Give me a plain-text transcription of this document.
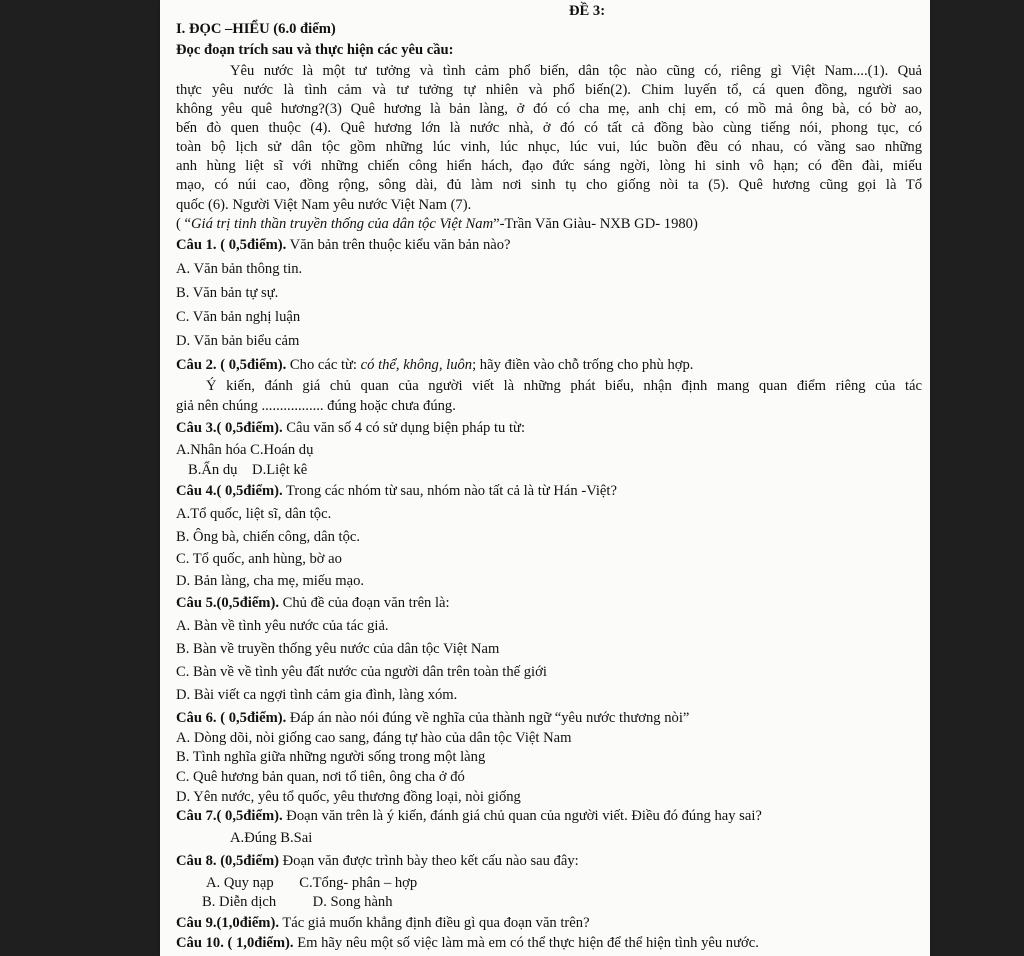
ĐỀ 3:
I. ĐỌC –HIỂU (6.0 điểm)
Đọc đoạn trích sau và thực hiện các yêu cầu:
Yêu nước là một tư tưởng và tình cảm phổ biến, dân tộc nào cũng có, riêng gì Việt Nam....(1). Quả
thực yêu nước là tình cảm và tư tưởng tự nhiên và phổ biến(2). Chim luyến tổ, cá quen đồng, người sao
không yêu quê hương?(3) Quê hương là bản làng, ở đó có cha mẹ, anh chị em, có mồ mả ông bà, có bờ ao,
bến đò quen thuộc (4). Quê hương lớn là nước nhà, ở đó có tất cả đồng bào cùng tiếng nói, phong tục, có
toàn bộ lịch sử dân tộc gồm những lúc vinh, lúc nhục, lúc vui, lúc buồn đều có nhau, có vầng sao những
anh hùng liệt sĩ với những chiến công hiển hách, đạo đức sáng ngời, lòng hi sinh vô hạn; có đền đài, miếu
mạo, có núi cao, đồng rộng, sông dài, đủ làm nơi sinh tụ cho giống nòi ta (5). Quê hương cũng gọi là Tổ
quốc (6). Người Việt Nam yêu nước Việt Nam (7).
( “Giá trị tinh thần truyền thống của dân tộc Việt Nam”-Trần Văn Giàu- NXB GD- 1980)
Câu 1. ( 0,5điểm). Văn bản trên thuộc kiểu văn bản nào?
A. Văn bản thông tin.
B. Văn bản tự sự.
C. Văn bản nghị luận
D. Văn bản biểu cảm
Câu 2. ( 0,5điểm). Cho các từ: có thể, không, luôn; hãy điền vào chỗ trống cho phù hợp.
Ý kiến, đánh giá chủ quan của người viết là những phát biểu, nhận định mang quan điểm riêng của tác
giả nên chúng ................. đúng hoặc chưa đúng.
Câu 3.( 0,5điểm). Câu văn số 4 có sử dụng biện pháp tu từ:
A.Nhân hóa C.Hoán dụ
B.Ẩn dụ    D.Liệt kê
Câu 4.( 0,5điểm). Trong các nhóm từ sau, nhóm nào tất cả là từ Hán -Việt?
A.Tổ quốc, liệt sĩ, dân tộc.
B. Ông bà, chiến công, dân tộc.
C. Tổ quốc, anh hùng, bờ ao
D. Bản làng, cha mẹ, miếu mạo.
Câu 5.(0,5điểm). Chủ đề của đoạn văn trên là:
A. Bàn về tình yêu nước của tác giả.
B. Bàn về truyền thống yêu nước của dân tộc Việt Nam
C. Bàn về về tình yêu đất nước của người dân trên toàn thế giới
D. Bài viết ca ngợi tình cảm gia đình, làng xóm.
Câu 6. ( 0,5điểm). Đáp án nào nói đúng về nghĩa của thành ngữ “yêu nước thương nòi”
A. Dòng dõi, nòi giống cao sang, đáng tự hào của dân tộc Việt Nam
B. Tình nghĩa giữa những người sống trong một làng
C. Quê hương bản quan, nơi tổ tiên, ông cha ở đó
D. Yên nước, yêu tổ quốc, yêu thương đồng loại, nòi giống
Câu 7.( 0,5điểm). Đoạn văn trên là ý kiến, đánh giá chủ quan của người viết. Điều đó đúng hay sai?
A.Đúng B.Sai
Câu 8. (0,5điểm) Đoạn văn được trình bày theo kết cấu nào sau đây:
A. Quy nạp       C.Tổng- phân – hợp
B. Diễn dịch          D. Song hành
Câu 9.(1,0điểm). Tác giả muốn khẳng định điều gì qua đoạn văn trên?
Câu 10. ( 1,0điểm). Em hãy nêu một số việc làm mà em có thể thực hiện để thể hiện tình yêu nước.
